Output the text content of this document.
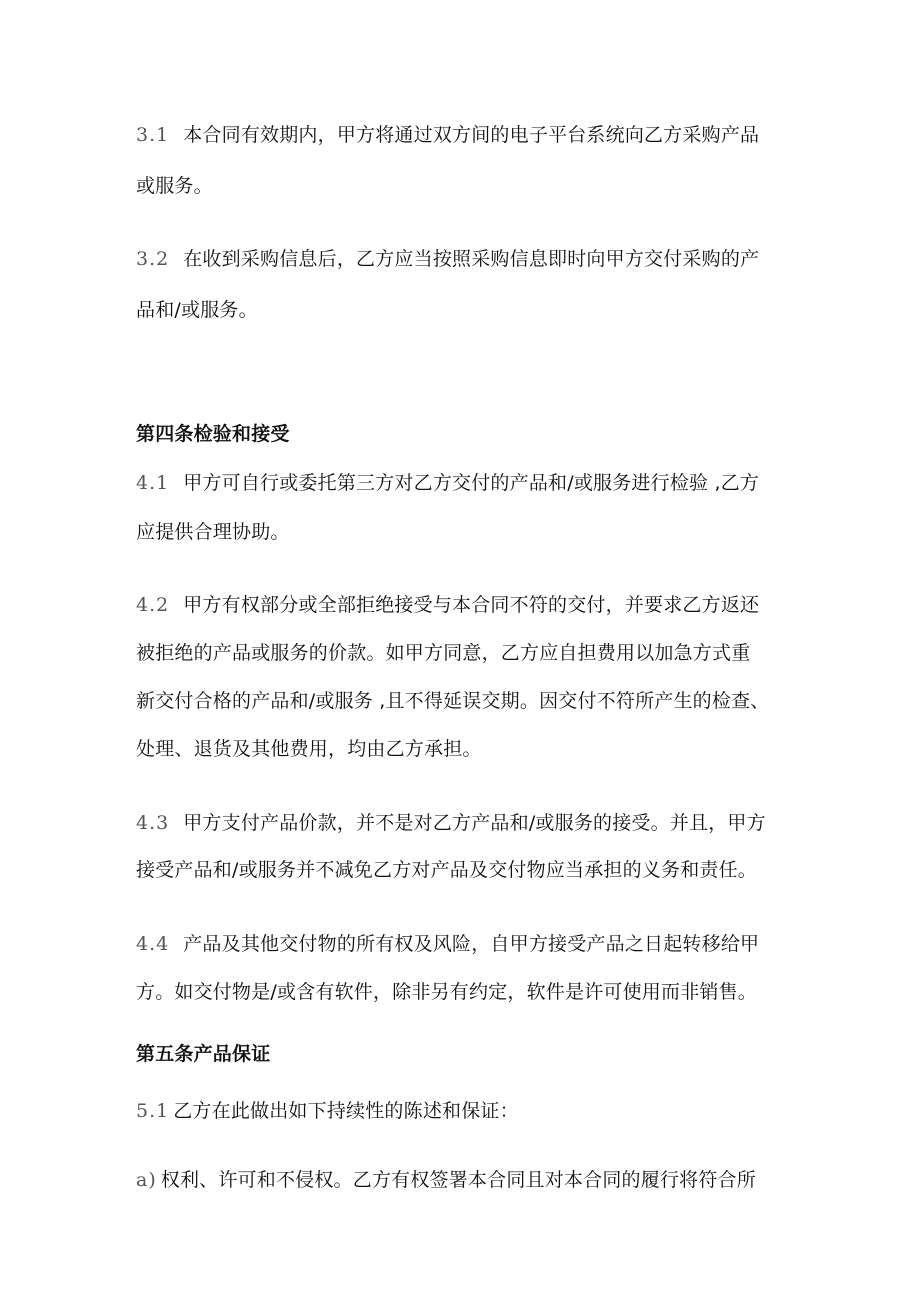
3.1 本合同有效期内，甲方将通过双方间的电子平台系统向乙方采购产品
或服务。
3.2 在收到采购信息后，乙方应当按照采购信息即时向甲方交付采购的产
品和/或服务。
第四条检验和接受
4.1 甲方可自行或委托第三方对乙方交付的产品和/或服务进行检验 ,乙方
应提供合理协助。
4.2 甲方有权部分或全部拒绝接受与本合同不符的交付，并要求乙方返还
被拒绝的产品或服务的价款。如甲方同意，乙方应自担费用以加急方式重
新交付合格的产品和/或服务 ,且不得延误交期。因交付不符所产生的检查、
处理、退货及其他费用，均由乙方承担。
4.3 甲方支付产品价款，并不是对乙方产品和/或服务的接受。并且，甲方
接受产品和/或服务并不减免乙方对产品及交付物应当承担的义务和责任。
4.4 产品及其他交付物的所有权及风险，自甲方接受产品之日起转移给甲
方。如交付物是/或含有软件，除非另有约定，软件是许可使用而非销售。
第五条产品保证
5.1 乙方在此做出如下持续性的陈述和保证：
a) 权利、许可和不侵权。乙方有权签署本合同且对本合同的履行将符合所
